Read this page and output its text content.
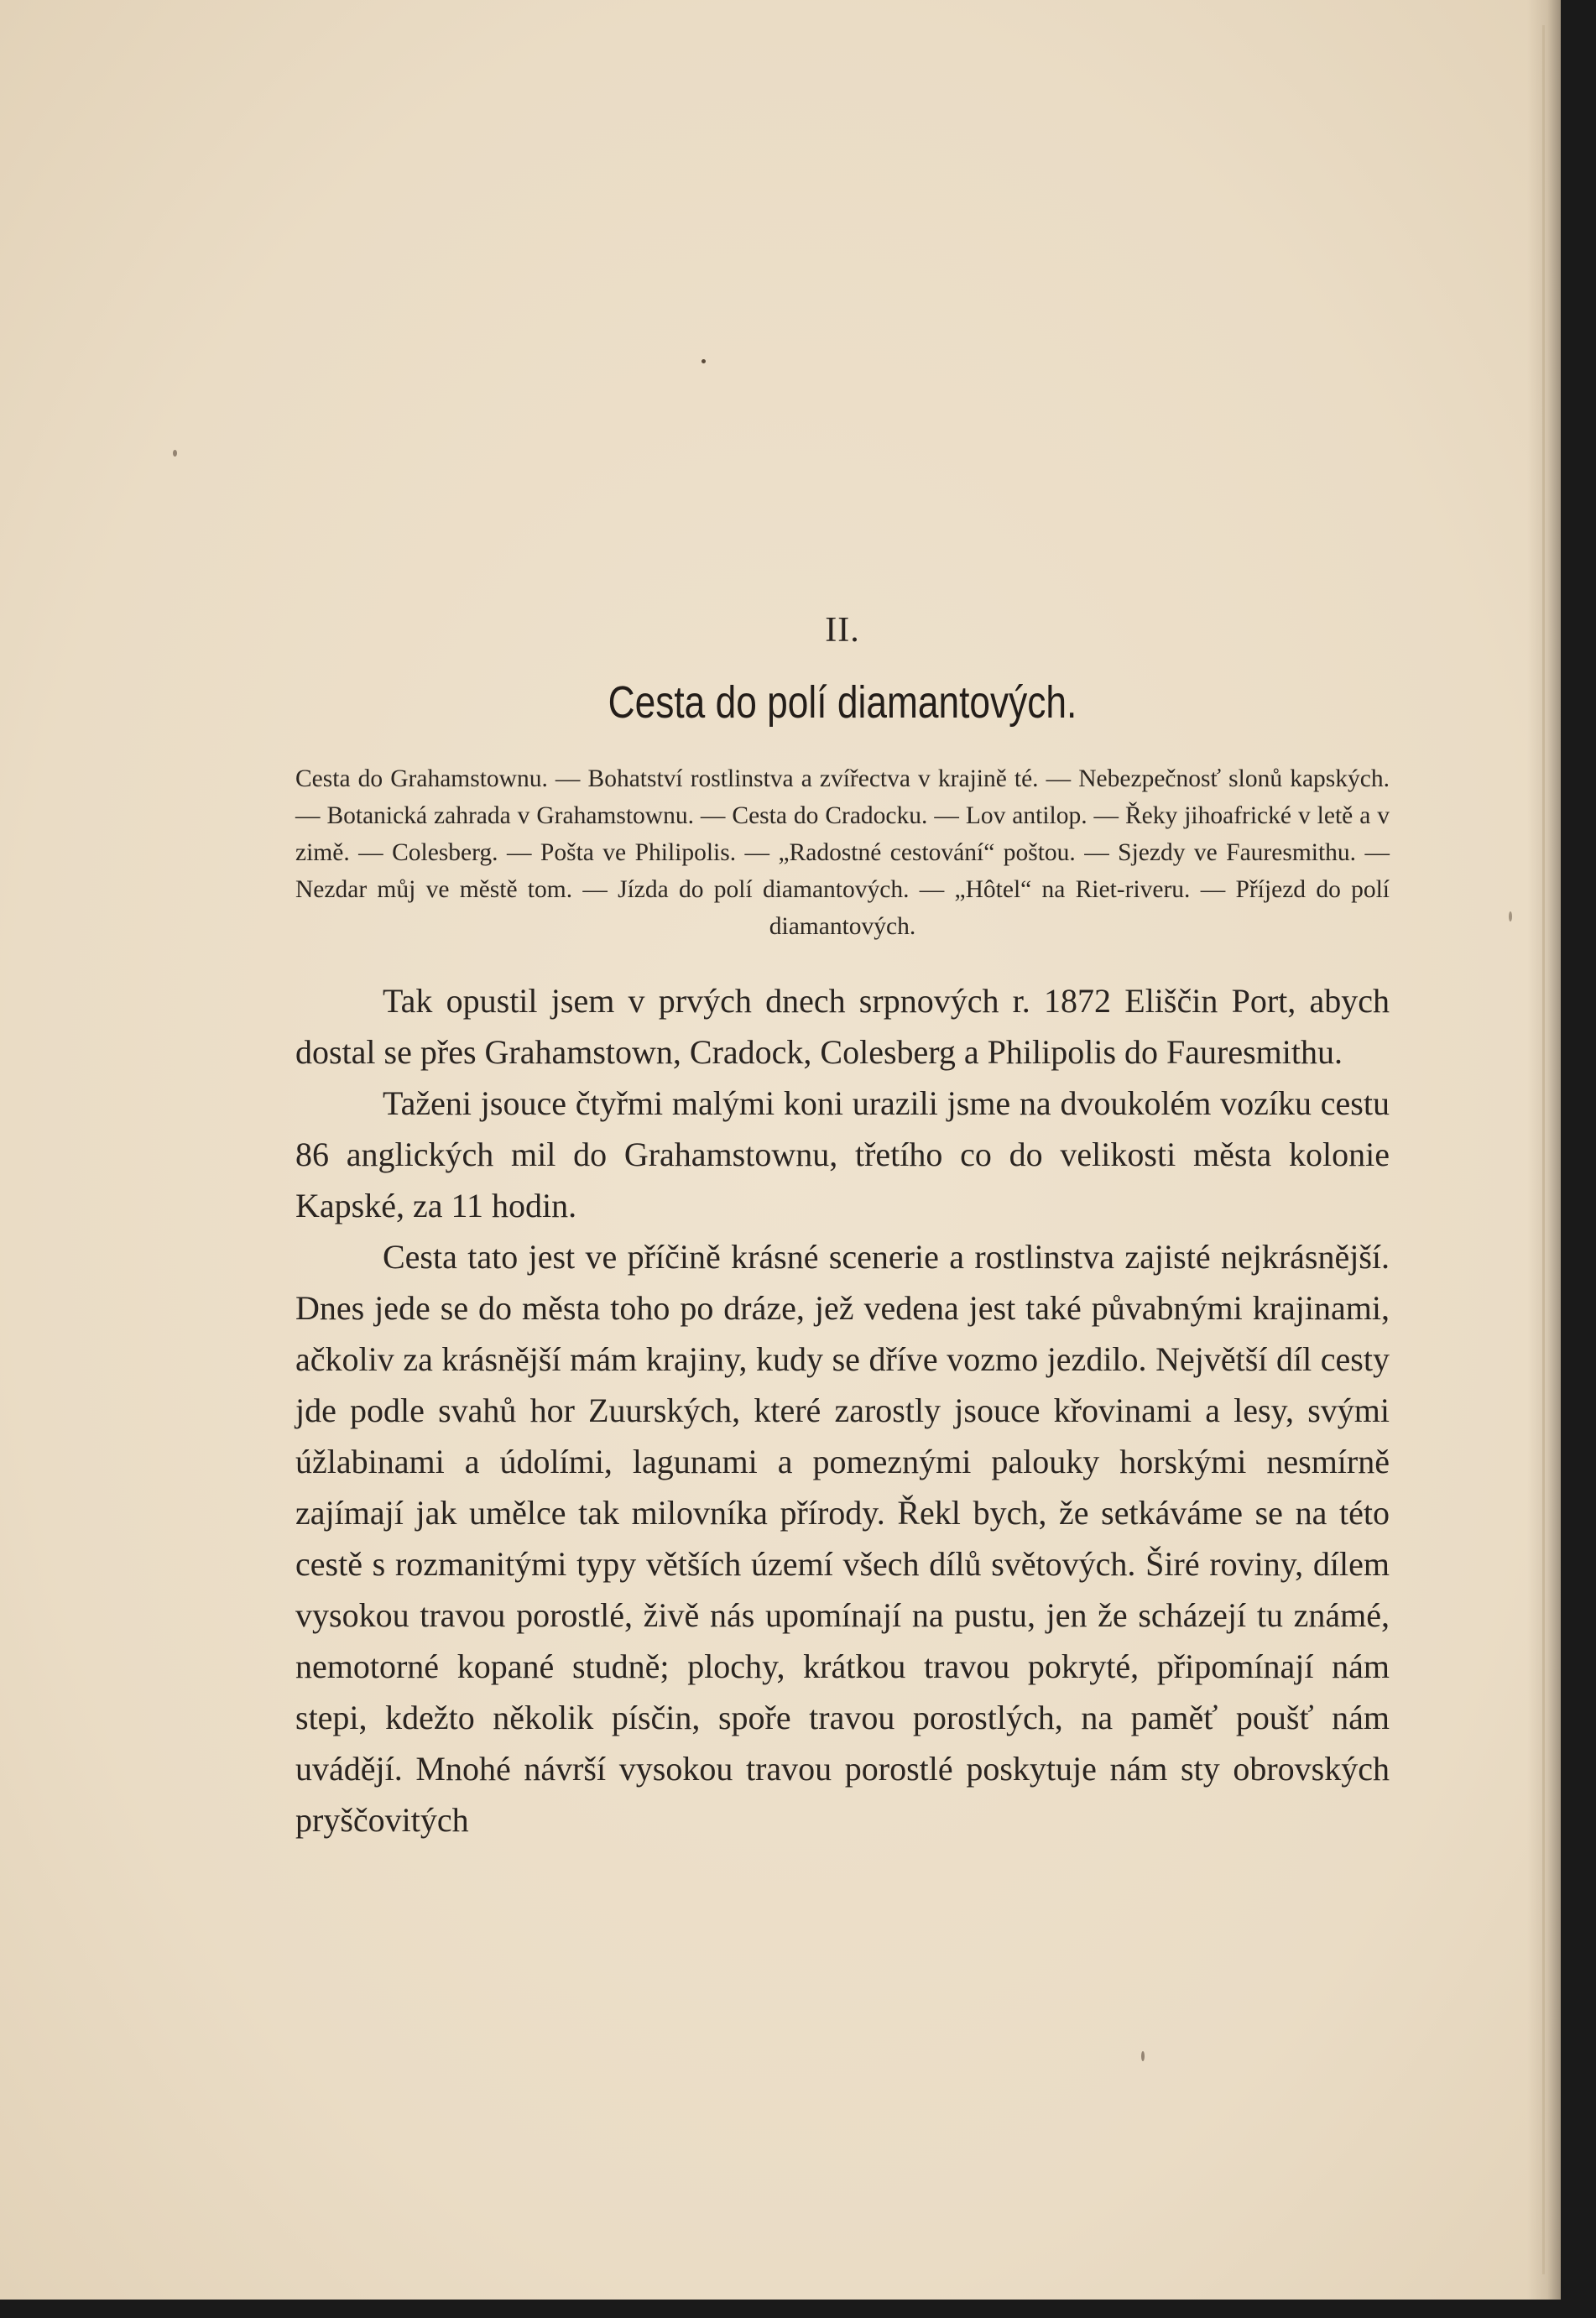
II.
Cesta do polí diamantových.
Cesta do Grahamstownu. — Bohatství rostlinstva a zvířectva v krajině té. — Nebezpečnosť slonů kapských. — Botanická zahrada v Grahamstownu. — Cesta do Cradocku. — Lov antilop. — Řeky jihoafrické v letě a v zimě. — Colesberg. — Pošta ve Philipolis. — „Radostné cestování“ poštou. — Sjezdy ve Fauresmithu. — Nezdar můj ve městě tom. — Jízda do polí diamantových. — „Hôtel“ na Riet-riveru. — Příjezd do polí diamantových.

Tak opustil jsem v prvých dnech srpnových r. 1872 Eliščin Port, abych dostal se přes Grahamstown, Cradock, Colesberg a Philipolis do Fauresmithu.

Taženi jsouce čtyřmi malými koni urazili jsme na dvoukolém vozíku cestu 86 anglických mil do Grahamstownu, třetího co do velikosti města kolonie Kapské, za 11 hodin.

Cesta tato jest ve příčině krásné scenerie a rostlinstva zajisté nejkrásnější. Dnes jede se do města toho po dráze, jež vedena jest také půvabnými krajinami, ačkoliv za krásnější mám krajiny, kudy se dříve vozmo jezdilo. Největší díl cesty jde podle svahů hor Zuurských, které zarostly jsouce křovinami a lesy, svými úžlabinami a údolími, lagunami a pomeznými palouky horskými nesmírně zajímají jak umělce tak milovníka přírody. Řekl bych, že setkáváme se na této cestě s rozmanitými typy větších území všech dílů světových. Širé roviny, dílem vysokou travou porostlé, živě nás upomínají na pustu, jen že scházejí tu známé, nemotorné kopané studně; plochy, krátkou travou pokryté, připomínají nám stepi, kdežto několik písčin, spoře travou porostlých, na paměť poušť nám uvádějí. Mnohé návrší vysokou travou porostlé poskytuje nám sty obrovských pryščovitých
